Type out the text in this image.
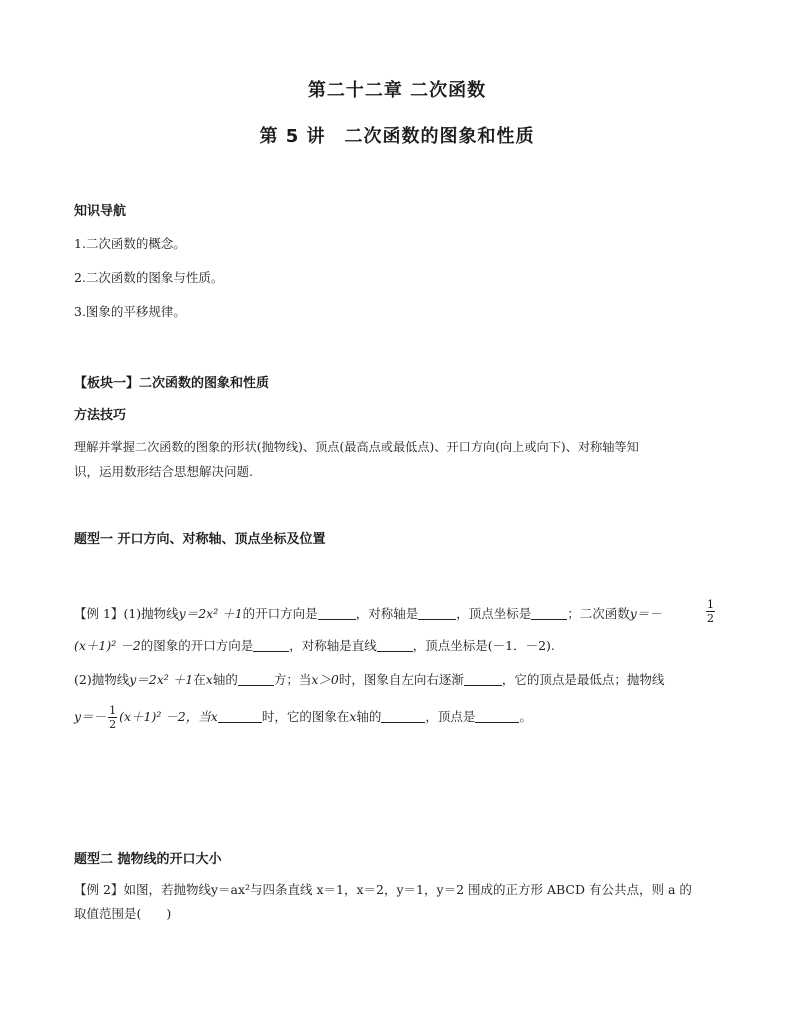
第二十二章 二次函数
第 5 讲　二次函数的图象和性质
知识导航
1.二次函数的概念。
2.二次函数的图象与性质。
3.图象的平移规律。
【板块一】二次函数的图象和性质
方法技巧
理解并掌握二次函数的图象的形状(抛物线)、顶点(最高点或最低点)、开口方向(向上或向下)、对称轴等知
识，运用数形结合思想解决问题.
题型一 开口方向、对称轴、顶点坐标及位置
【例 1】(1)抛物线y＝2x² ＋1的开口方向是	，对称轴是	，顶点坐标是	；二次函数y＝－	$\frac{1}{2}$
(x＋1)² －2的图象的开口方向是	，对称轴是直线	，顶点坐标是(－1．－2).
(2)抛物线y＝2x² ＋1在x轴的	方；当x＞0时，图象自左向右逐渐	，它的顶点是最低点；抛物线
$y=- \frac{1}{2} (x+1)^2 -2$，当x	时，它的图象在x轴的	，顶点是	。
题型二 抛物线的开口大小
【例 2】如图，若抛物线y＝ax²与四条直线 x＝1，x＝2，y＝1，y＝2 围成的正方形 ABCD 有公共点，则 a 的
取值范围是(　　)
